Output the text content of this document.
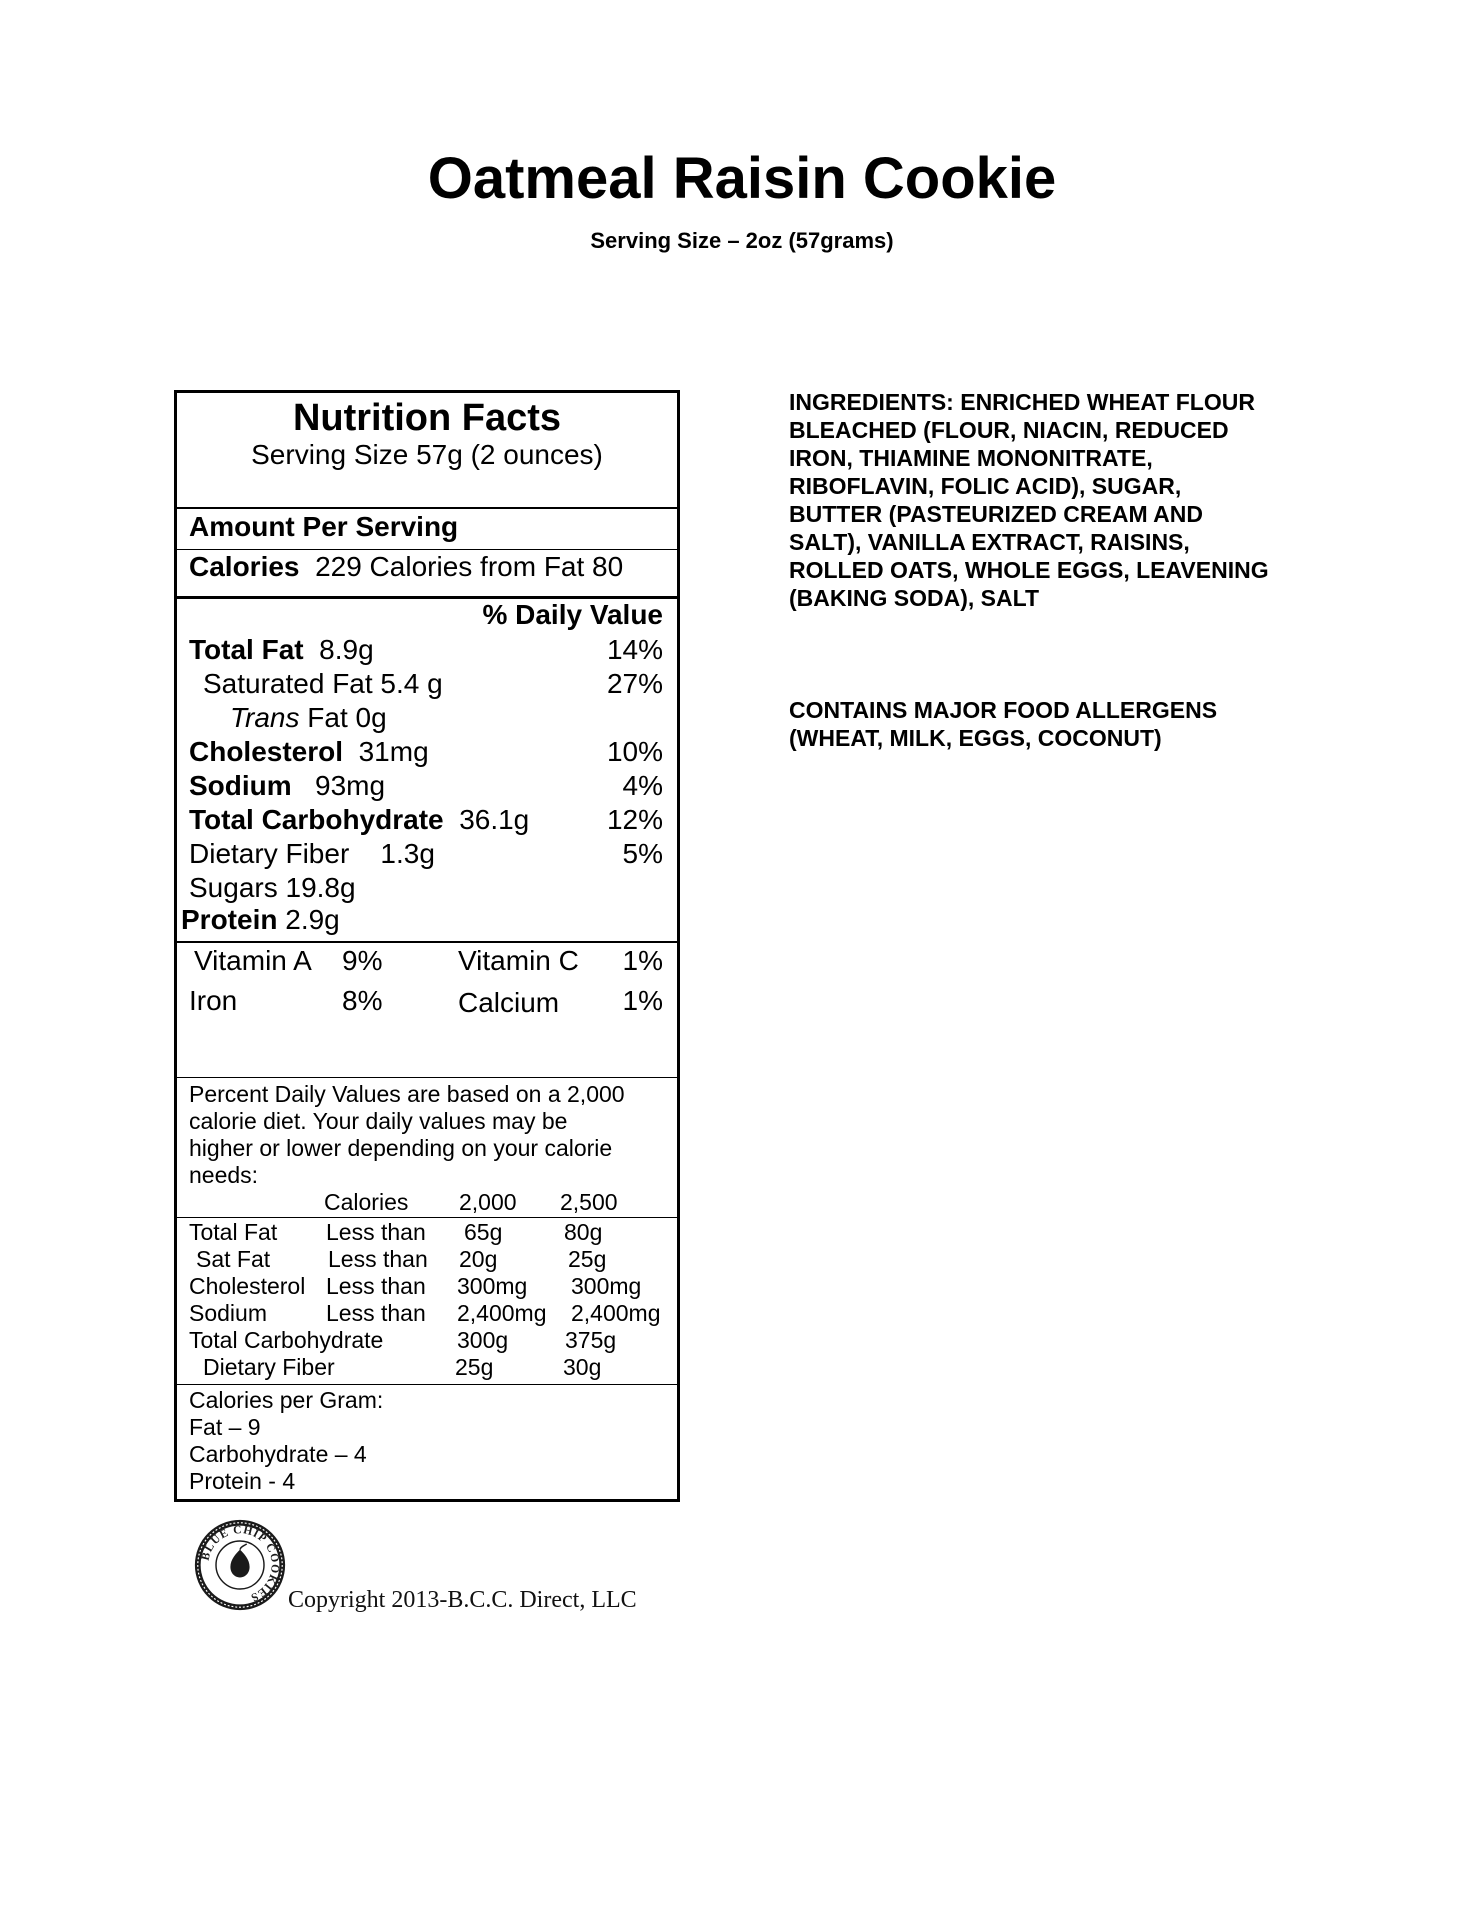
Oatmeal Raisin Cookie
Serving Size – 2oz (57grams)
Nutrition Facts
Serving Size 57g (2 ounces)
Amount Per Serving
Calories 229 Calories from Fat 80
% Daily Value
Total Fat 8.9g	14%
Saturated Fat 5.4 g	27%
Trans Fat 0g
Cholesterol 31mg	10%
Sodium 93mg	4%
Total Carbohydrate 36.1g	12%
Dietary Fiber 1.3g	5%
Sugars 19.8g
Protein 2.9g
Vitamin A 9%	Vitamin C 1%
Iron	8%	Calcium 1%
Percent Daily Values are based on a 2,000
calorie diet. Your daily values may be
higher or lower depending on your calorie
needs:
Calories 2,000 2,500
Total Fat Less than 65g	80g
Sat Fat	Less than 20g	25g
Cholesterol Less than 300mg 300mg
Sodium	Less than 2,400mg 2,400mg
Total Carbohydrate	300g 375g
Dietary Fiber	25g	30g
Calories per Gram:
Fat – 9
Carbohydrate – 4
Protein - 4
INGREDIENTS: ENRICHED WHEAT FLOUR
BLEACHED (FLOUR, NIACIN, REDUCED
IRON, THIAMINE MONONITRATE,
RIBOFLAVIN, FOLIC ACID), SUGAR,
BUTTER (PASTEURIZED CREAM AND
SALT), VANILLA EXTRACT, RAISINS,
ROLLED OATS, WHOLE EGGS, LEAVENING
(BAKING SODA), SALT
CONTAINS MAJOR FOOD ALLERGENS
(WHEAT, MILK, EGGS, COCONUT)
BLUE CHIP COOKIES	Copyright 2013-B.C.C. Direct, LLC
